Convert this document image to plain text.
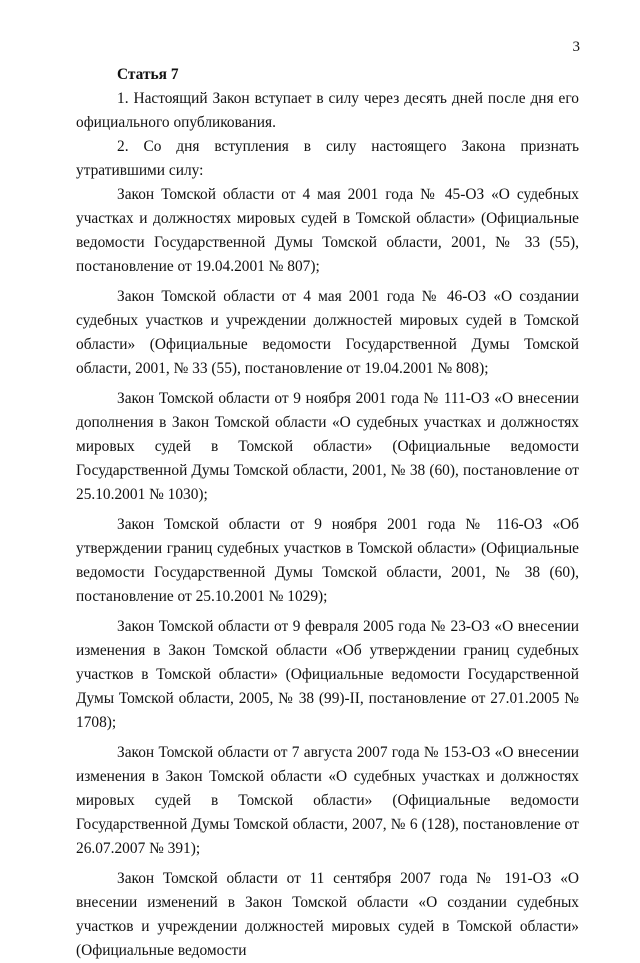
3
Статья 7

1. Настоящий Закон вступает в силу через десять дней после дня его официального опубликования.

2. Со дня вступления в силу настоящего Закона признать утратившими силу:

Закон Томской области от 4 мая 2001 года № 45-ОЗ «О судебных участках и должностях мировых судей в Томской области» (Официальные ведомости Государственной Думы Томской области, 2001, № 33 (55), постановление от 19.04.2001 № 807);

Закон Томской области от 4 мая 2001 года № 46-ОЗ «О создании судебных участков и учреждении должностей мировых судей в Томской области» (Официальные ведомости Государственной Думы Томской области, 2001, № 33 (55), постановление от 19.04.2001 № 808);

Закон Томской области от 9 ноября 2001 года № 111-ОЗ «О внесении дополнения в Закон Томской области «О судебных участках и должностях мировых судей в Томской области» (Официальные ведомости Государственной Думы Томской области, 2001, № 38 (60), постановление от 25.10.2001 № 1030);

Закон Томской области от 9 ноября 2001 года № 116-ОЗ «Об утверждении границ судебных участков в Томской области» (Официальные ведомости Государственной Думы Томской области, 2001, № 38 (60), постановление от 25.10.2001 № 1029);

Закон Томской области от 9 февраля 2005 года № 23-ОЗ «О внесении изменения в Закон Томской области «Об утверждении границ судебных участков в Томской области» (Официальные ведомости Государственной Думы Томской области, 2005, № 38 (99)-II, постановление от 27.01.2005 № 1708);

Закон Томской области от 7 августа 2007 года № 153-ОЗ «О внесении изменения в Закон Томской области «О судебных участках и должностях мировых судей в Томской области» (Официальные ведомости Государственной Думы Томской области, 2007, № 6 (128), постановление от 26.07.2007 № 391);

Закон Томской области от 11 сентября 2007 года № 191-ОЗ «О внесении изменений в Закон Томской области «О создании судебных участков и учреждении должностей мировых судей в Томской области» (Официальные ведомости
